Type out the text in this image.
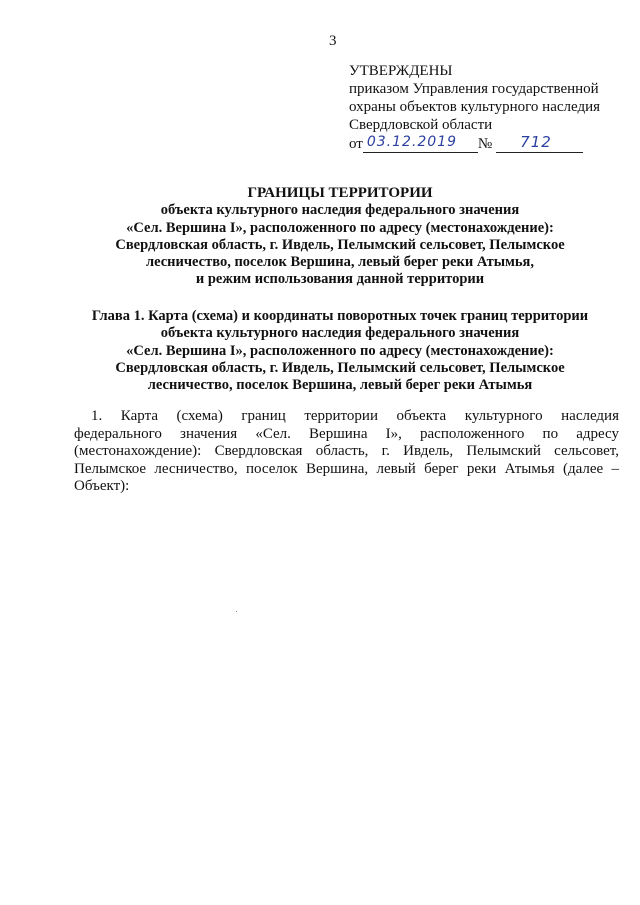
3
УТВЕРЖДЕНЫ
приказом Управления государственной
охраны объектов культурного наследия
Свердловской области
от 03.12.2019 № 712
ГРАНИЦЫ ТЕРРИТОРИИ
объекта культурного наследия федерального значения
«Сел. Вершина I», расположенного по адресу (местонахождение):
Свердловская область, г. Ивдель, Пелымский сельсовет, Пелымское
лесничество, поселок Вершина, левый берег реки Атымья,
и режим использования данной территории
Глава 1. Карта (схема) и координаты поворотных точек границ территории
объекта культурного наследия федерального значения
«Сел. Вершина I», расположенного по адресу (местонахождение):
Свердловская область, г. Ивдель, Пелымский сельсовет, Пелымское
лесничество, поселок Вершина, левый берег реки Атымья
1. Карта (схема) границ территории объекта культурного наследия
федерального значения «Сел. Вершина I», расположенного по адресу
(местонахождение): Свердловская область, г. Ивдель, Пелымский сельсовет,
Пелымское лесничество, поселок Вершина, левый берег реки Атымья (далее –
Объект):
